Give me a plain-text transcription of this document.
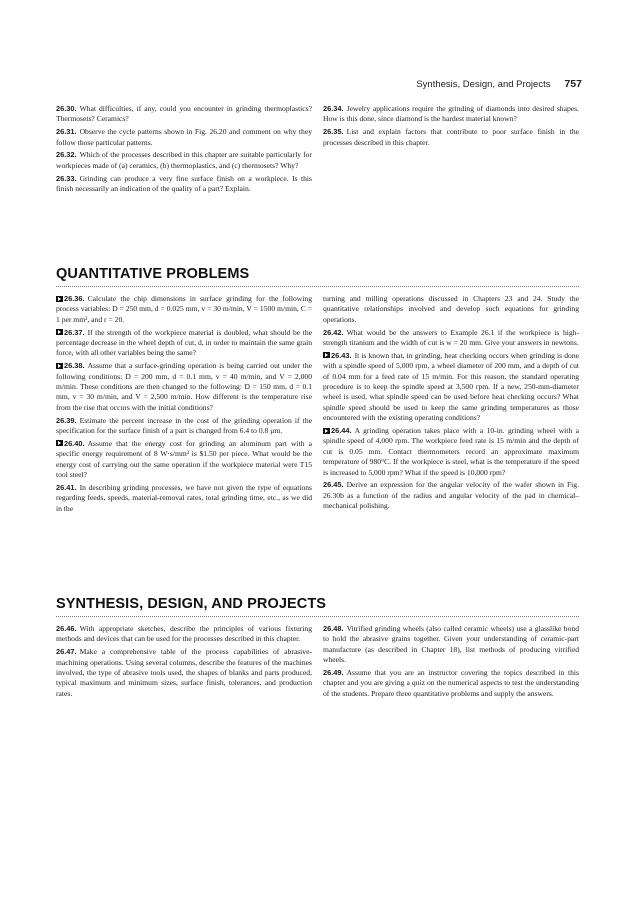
Synthesis, Design, and Projects 757

26.30. What difficulties, if any, could you encounter in grinding thermoplastics? Thermosets? Ceramics?

26.31. Observe the cycle patterns shown in Fig. 26.20 and comment on why they follow those particular patterns.

26.32. Which of the processes described in this chapter are suitable particularly for workpieces made of (a) ceramics, (b) thermoplastics, and (c) thermosets? Why?

26.33. Grinding can produce a very fine surface finish on a workpiece. Is this finish necessarily an indication of the quality of a part? Explain.

26.34. Jewelry applications require the grinding of diamonds into desired shapes. How is this done, since diamond is the hardest material known?

26.35. List and explain factors that contribute to poor surface finish in the processes described in this chapter.

QUANTITATIVE PROBLEMS

26.36. Calculate the chip dimensions in surface grinding for the following process variables: D = 250 mm, d = 0.025 mm, v = 30 m/min, V = 1500 m/min, C = 1 per mm², and r = 20.

26.37. If the strength of the workpiece material is doubled, what should be the percentage decrease in the wheel depth of cut, d, in order to maintain the same grain force, with all other variables being the same?

26.38. Assume that a surface-grinding operation is being carried out under the following conditions: D = 200 mm, d = 0.1 mm, v = 40 m/min, and V = 2,000 m/min. These conditions are then changed to the following: D = 150 mm, d = 0.1 mm, v = 30 m/min, and V = 2,500 m/min. How different is the temperature rise from the rise that occurs with the initial conditions?

26.39. Estimate the percent increase in the cost of the grinding operation if the specification for the surface finish of a part is changed from 6.4 to 0.8 μm.

26.40. Assume that the energy cost for grinding an aluminum part with a specific energy requirement of 8 W·s/mm³ is $1.50 per piece. What would be the energy cost of carrying out the same operation if the workpiece material were T15 tool steel?

26.41. In describing grinding processes, we have not given the type of equations regarding feeds, speeds, material-removal rates, total grinding time, etc., as we did in the

turning and milling operations discussed in Chapters 23 and 24. Study the quantitative relationships involved and develop such equations for grinding operations.

26.42. What would be the answers to Example 26.1 if the workpiece is high-strength titanium and the width of cut is w = 20 mm. Give your answers in newtons.

26.43. It is known that, in grinding, heat checking occurs when grinding is done with a spindle speed of 5,000 rpm, a wheel diameter of 200 mm, and a depth of cut of 0.04 mm for a feed rate of 15 m/min. For this reason, the standard operating procedure is to keep the spindle speed at 3,500 rpm. If a new, 250-mm-diameter wheel is used, what spindle speed can be used before heat checking occurs? What spindle speed should be used to keep the same grinding temperatures as those encountered with the existing operating conditions?

26.44. A grinding operation takes place with a 10-in. grinding wheel with a spindle speed of 4,000 rpm. The workpiece feed rate is 15 m/min and the depth of cut is 0.05 mm. Contact thermometers record an approximate maximum temperature of 980°C. If the workpiece is steel, what is the temperature if the speed is increased to 5,000 rpm? What if the speed is 10,000 rpm?

26.45. Derive an expression for the angular velocity of the wafer shown in Fig. 26.30b as a function of the radius and angular velocity of the pad in chemical–mechanical polishing.

SYNTHESIS, DESIGN, AND PROJECTS

26.46. With appropriate sketches, describe the principles of various fixturing methods and devices that can be used for the processes described in this chapter.

26.47. Make a comprehensive table of the process capabilities of abrasive-machining operations. Using several columns, describe the features of the machines involved, the type of abrasive tools used, the shapes of blanks and parts produced, typical maximum and minimum sizes, surface finish, tolerances, and production rates.

26.48. Vitrified grinding wheels (also called ceramic wheels) use a glasslike bond to hold the abrasive grains together. Given your understanding of ceramic-part manufacture (as described in Chapter 18), list methods of producing vitrified wheels.

26.49. Assume that you are an instructor covering the topics described in this chapter and you are giving a quiz on the numerical aspects to test the understanding of the students. Prepare three quantitative problems and supply the answers.
